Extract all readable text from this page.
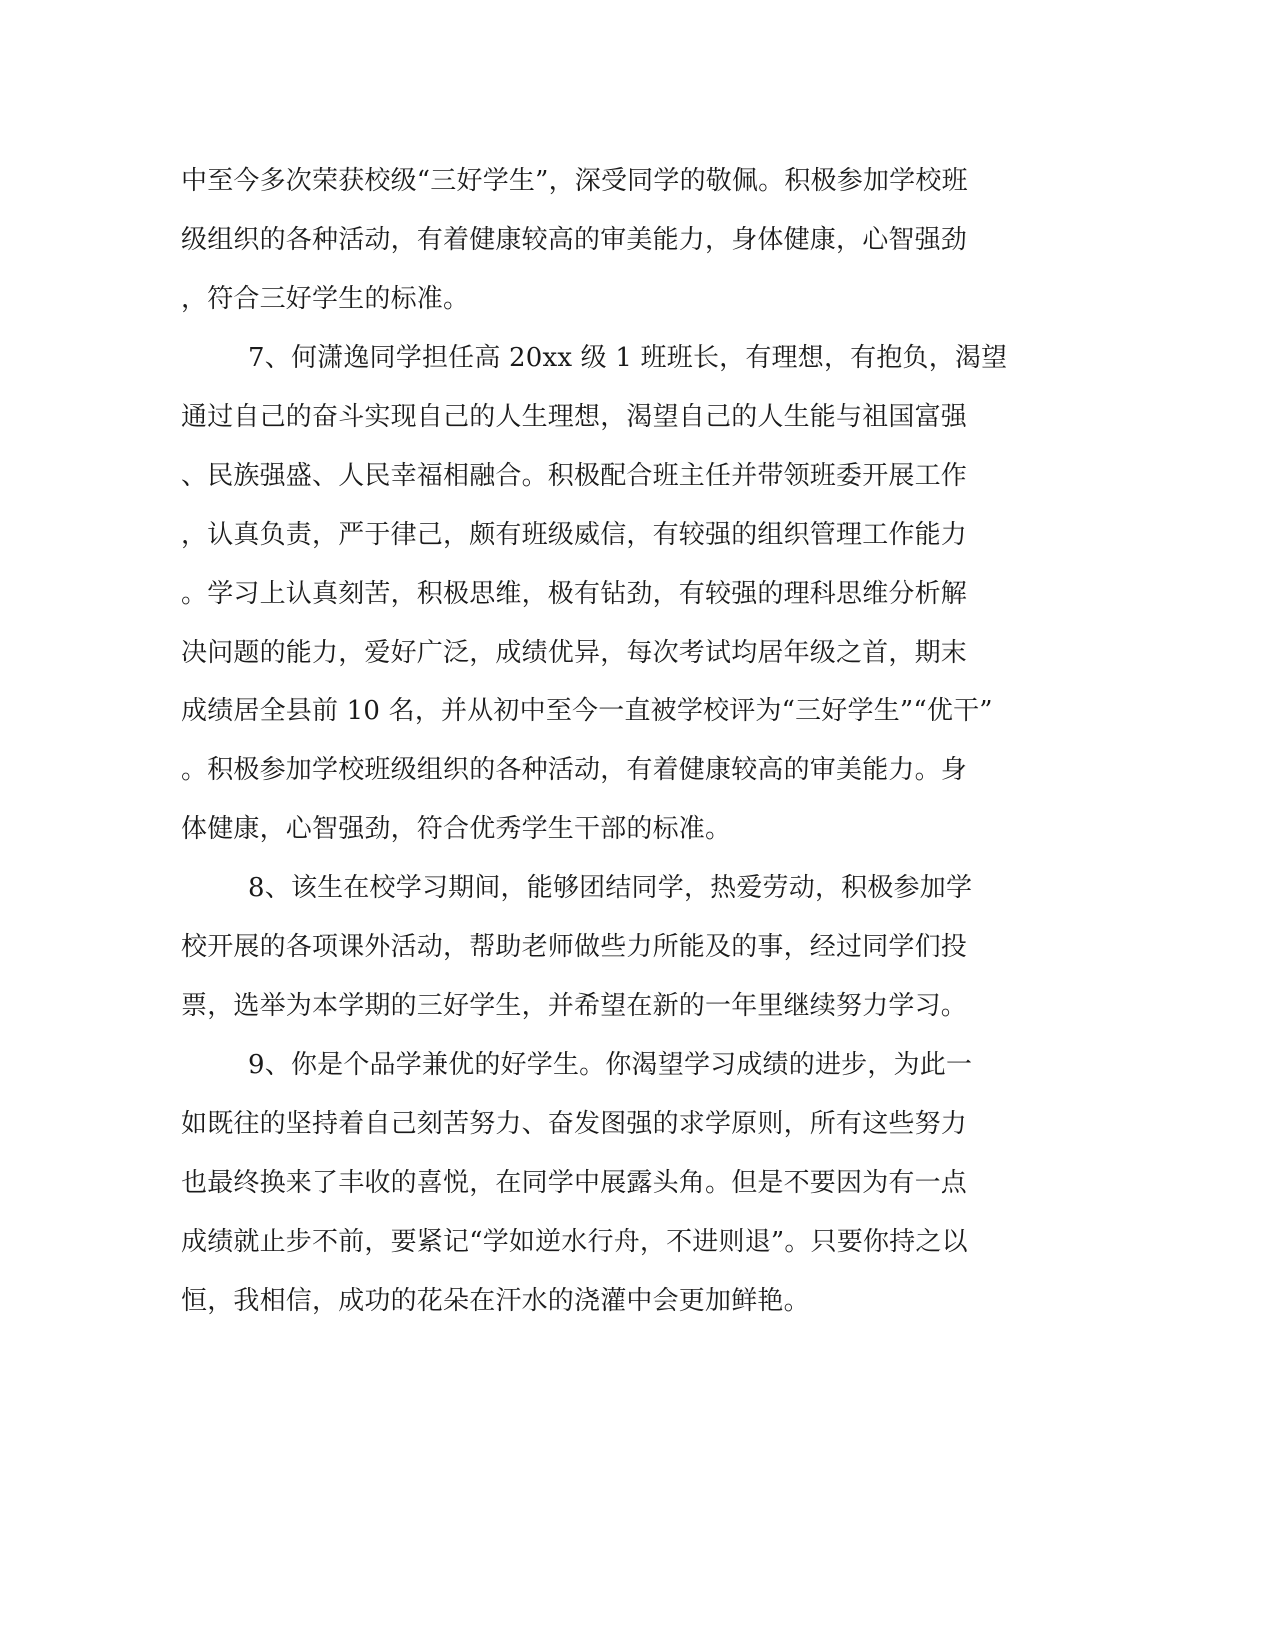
中至今多次荣获校级“三好学生”，深受同学的敬佩。积极参加学校班
级组织的各种活动，有着健康较高的审美能力，身体健康，心智强劲
，符合三好学生的标准。
7、何潇逸同学担任高 20xx 级 1 班班长，有理想，有抱负，渴望
通过自己的奋斗实现自己的人生理想，渴望自己的人生能与祖国富强
、民族强盛、人民幸福相融合。积极配合班主任并带领班委开展工作
，认真负责，严于律己，颇有班级威信，有较强的组织管理工作能力
。学习上认真刻苦，积极思维，极有钻劲，有较强的理科思维分析解
决问题的能力，爱好广泛，成绩优异，每次考试均居年级之首，期末
成绩居全县前 10 名，并从初中至今一直被学校评为“三好学生”“优干”
。积极参加学校班级组织的各种活动，有着健康较高的审美能力。身
体健康，心智强劲，符合优秀学生干部的标准。
8、该生在校学习期间，能够团结同学，热爱劳动，积极参加学
校开展的各项课外活动，帮助老师做些力所能及的事，经过同学们投
票，选举为本学期的三好学生，并希望在新的一年里继续努力学习。
9、你是个品学兼优的好学生。你渴望学习成绩的进步，为此一
如既往的坚持着自己刻苦努力、奋发图强的求学原则，所有这些努力
也最终换来了丰收的喜悦，在同学中展露头角。但是不要因为有一点
成绩就止步不前，要紧记“学如逆水行舟，不进则退”。只要你持之以
恒，我相信，成功的花朵在汗水的浇灌中会更加鲜艳。
